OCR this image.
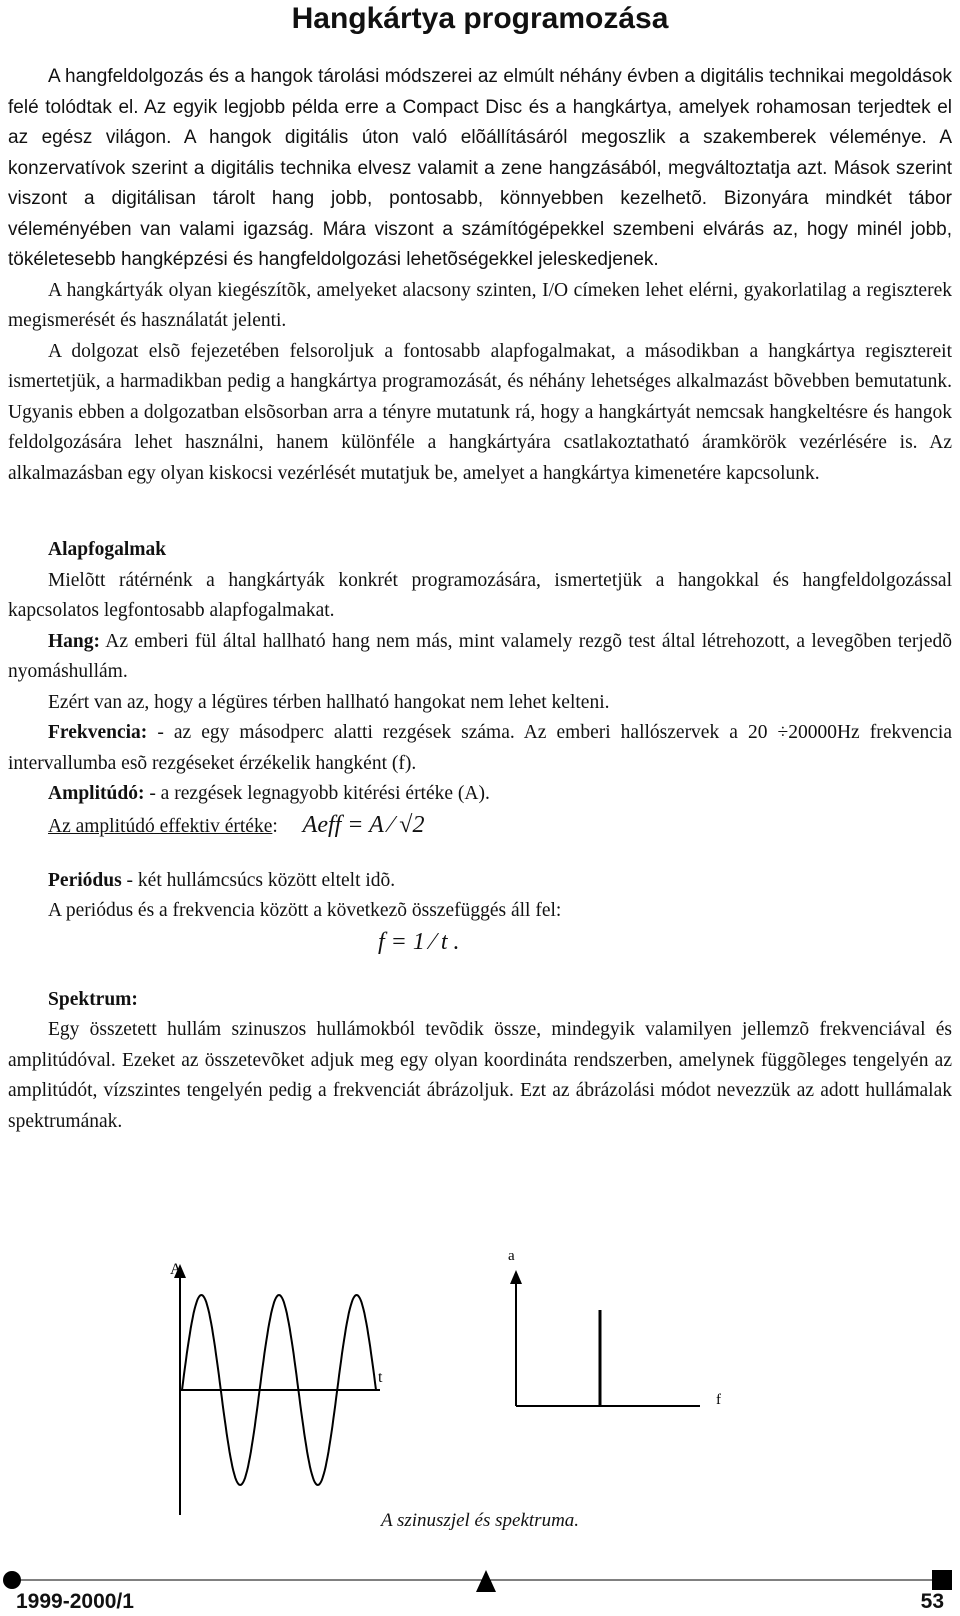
Hangkártya programozása

A hangfeldolgozás és a hangok tárolási módszerei az elmúlt néhány évben a digitális technikai megoldások felé tolódtak el. Az egyik legjobb példa erre a Compact Disc és a hangkártya, amelyek rohamosan terjedtek el az egész világon. A hangok digitális úton való elõállításáról megoszlik a szakemberek véleménye. A konzervatívok szerint a digitális technika elvesz valamit a zene hangzásából, megváltoztatja azt. Mások szerint viszont a digitálisan tárolt hang jobb, pontosabb, könnyebben kezelhetõ. Bizonyára mindkét tábor véleményében van valami igazság. Mára viszont a számítógépekkel szembeni elvárás az, hogy minél jobb, tökéletesebb hangképzési és hangfeldolgozási lehetõségekkel jeleskedjenek.

A hangkártyák olyan kiegészítõk, amelyeket alacsony szinten, I/O címeken lehet elérni, gyakorlatilag a regiszterek megismerését és használatát jelenti.

A dolgozat elsõ fejezetében felsoroljuk a fontosabb alapfogalmakat, a másodikban a hangkártya regisztereit ismertetjük, a harmadikban pedig a hangkártya programozását, és néhány lehetséges alkalmazást bõvebben bemutatunk. Ugyanis ebben a dolgozatban elsõsorban arra a tényre mutatunk rá, hogy a hangkártyát nemcsak hangkeltésre és hangok feldolgozására lehet használni, hanem különféle a hangkártyára csatlakoztatható áramkörök vezérlésére is. Az alkalmazásban egy olyan kiskocsi vezérlését mutatjuk be, amelyet a hangkártya kimenetére kapcsolunk.

Alapfogalmak

Mielõtt rátérnénk a hangkártyák konkrét programozására, ismertetjük a hangokkal és hangfeldolgozással kapcsolatos legfontosabb alapfogalmakat.

Hang: Az emberi fül által hallható hang nem más, mint valamely rezgõ test által létrehozott, a levegõben terjedõ nyomáshullám.

Ezért van az, hogy a légüres térben hallható hangokat nem lehet kelteni.

Frekvencia: - az egy másodperc alatti rezgések száma. Az emberi hallószervek a 20 ÷20000Hz frekvencia intervallumba esõ rezgéseket érzékelik hangként (f).

Amplitúdó: - a rezgések legnagyobb kitérési értéke (A).

Az amplitúdó effektiv értéke: Aeff = A ⁄ √2

Periódus - két hullámcsúcs között eltelt idõ.

A periódus és a frekvencia között a következõ összefüggés áll fel:

f = 1 ⁄ t .

Spektrum:

Egy összetett hullám szinuszos hullámokból tevõdik össze, mindegyik valamilyen jellemzõ frekvenciával és amplitúdóval. Ezeket az összetevõket adjuk meg egy olyan koordináta rendszerben, amelynek függõleges tengelyén az amplitúdót, vízszintes tengelyén pedig a frekvenciát ábrázoljuk. Ezt az ábrázolási módot nevezzük az adott hullámalak spektrumának.

A
t
a
f
A szinuszjel és spektruma.
1999-2000/1	53
